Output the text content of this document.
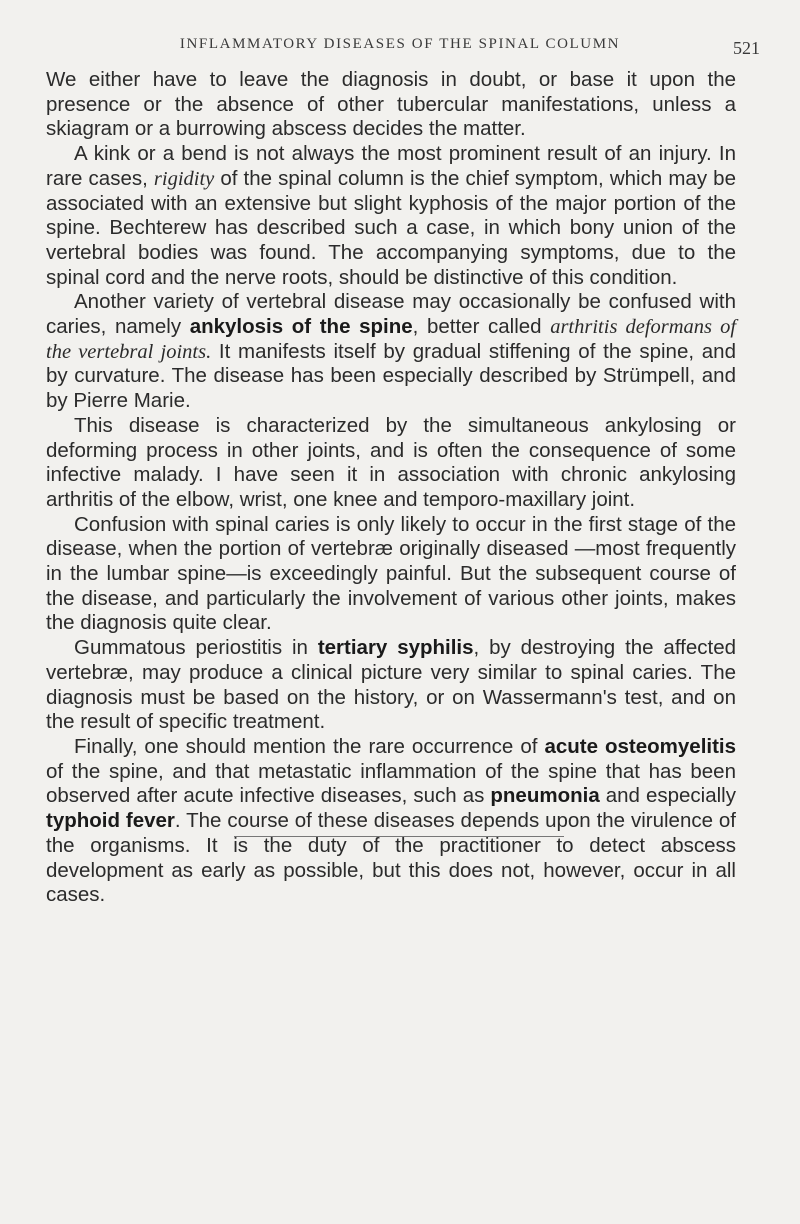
INFLAMMATORY DISEASES OF THE SPINAL COLUMN	521

We either have to leave the diagnosis in doubt, or base it upon the presence or the absence of other tubercular manifestations, unless a skiagram or a burrowing abscess decides the matter.

A kink or a bend is not always the most prominent result of an injury. In rare cases, rigidity of the spinal column is the chief symptom, which may be associated with an extensive but slight kyphosis of the major portion of the spine. Bechterew has described such a case, in which bony union of the vertebral bodies was found. The accompanying symptoms, due to the spinal cord and the nerve roots, should be distinctive of this condition.

Another variety of vertebral disease may occasionally be confused with caries, namely ankylosis of the spine, better called arthritis deformans of the vertebral joints. It manifests itself by gradual stiffening of the spine, and by curvature. The disease has been especially described by Strümpell, and by Pierre Marie.

This disease is characterized by the simultaneous ankylosing or deforming process in other joints, and is often the consequence of some infective malady. I have seen it in association with chronic ankylosing arthritis of the elbow, wrist, one knee and temporo-maxillary joint.

Confusion with spinal caries is only likely to occur in the first stage of the disease, when the portion of vertebræ originally diseased —most frequently in the lumbar spine—is exceedingly painful. But the subsequent course of the disease, and particularly the involvement of various other joints, makes the diagnosis quite clear.

Gummatous periostitis in tertiary syphilis, by destroying the affected vertebræ, may produce a clinical picture very similar to spinal caries. The diagnosis must be based on the history, or on Wassermann's test, and on the result of specific treatment.

Finally, one should mention the rare occurrence of acute osteomyelitis of the spine, and that metastatic inflammation of the spine that has been observed after acute infective diseases, such as pneumonia and especially typhoid fever. The course of these diseases depends upon the virulence of the organisms. It is the duty of the practitioner to detect abscess development as early as possible, but this does not, however, occur in all cases.
